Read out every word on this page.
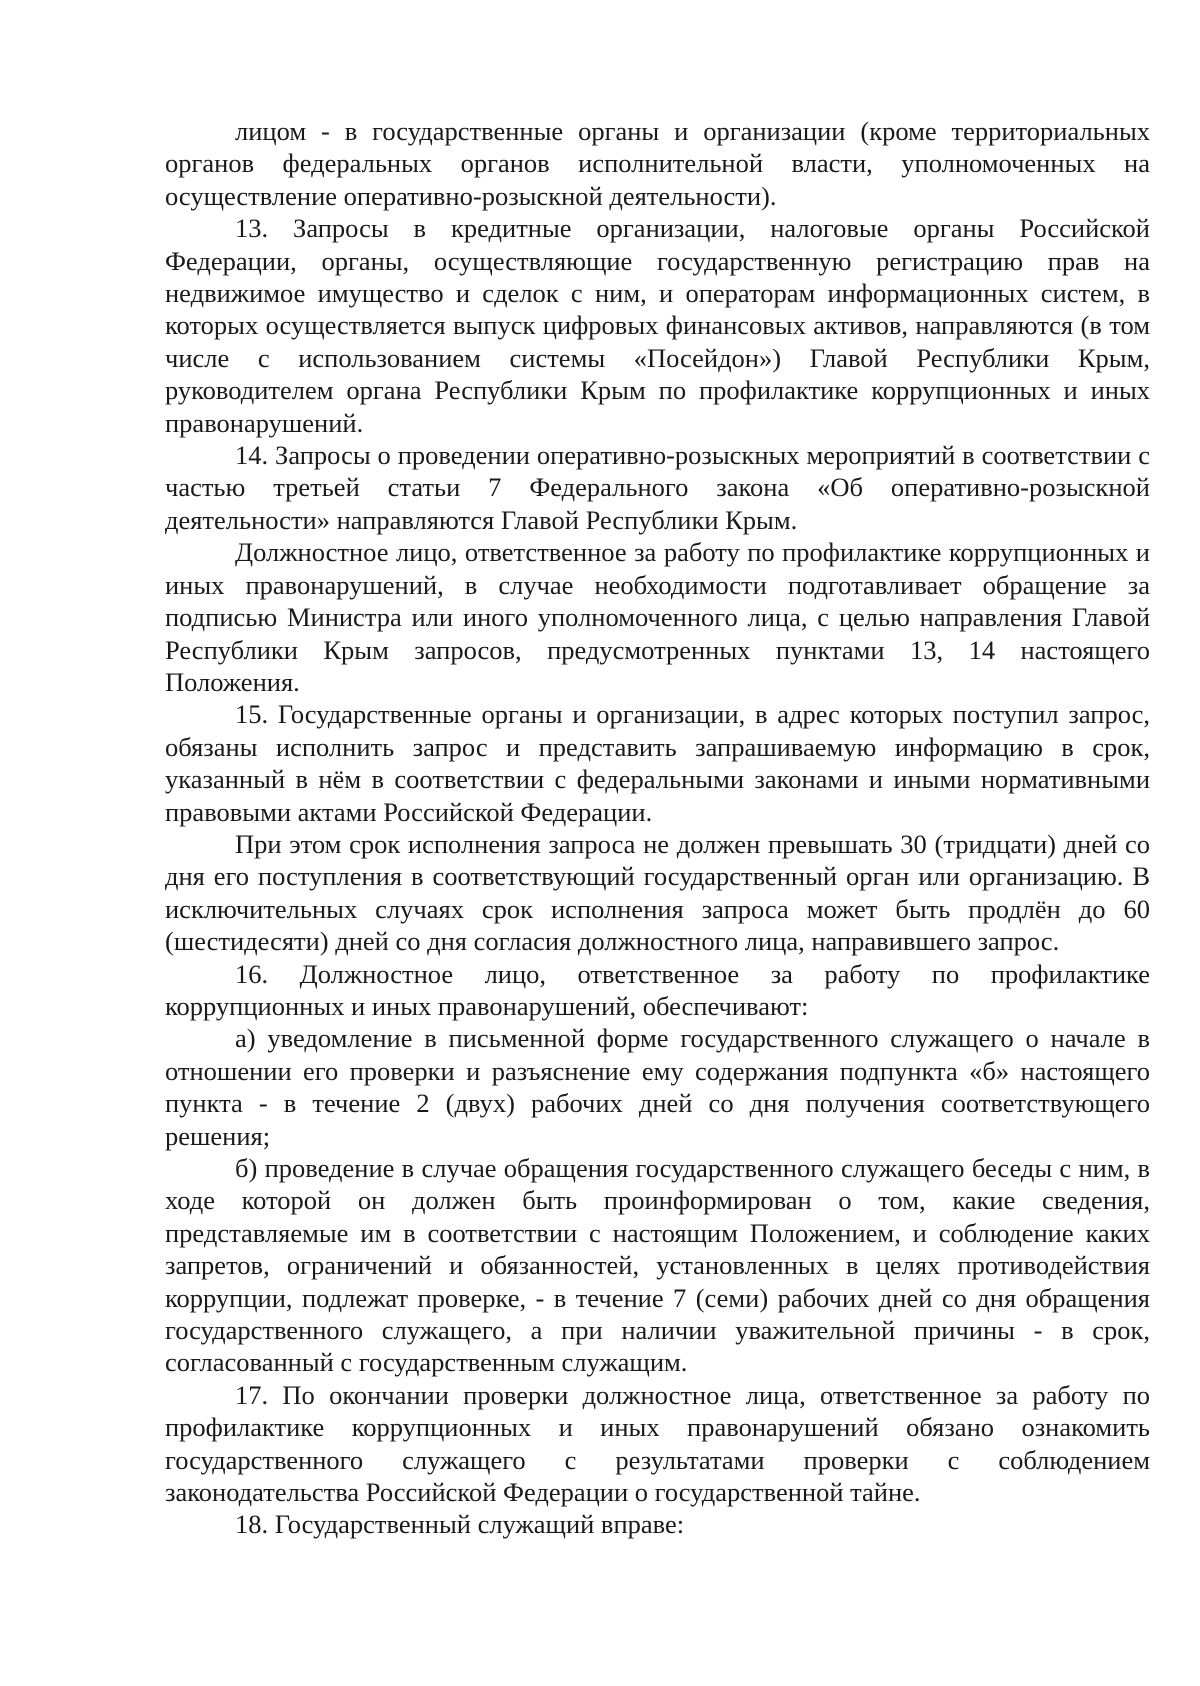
лицом - в государственные органы и организации (кроме территориальных органов федеральных органов исполнительной власти, уполномоченных на осуществление оперативно-розыскной деятельности).

13. Запросы в кредитные организации, налоговые органы Российской Федерации, органы, осуществляющие государственную регистрацию прав на недвижимое имущество и сделок с ним, и операторам информационных систем, в которых осуществляется выпуск цифровых финансовых активов, направляются (в том числе с использованием системы «Посейдон») Главой Республики Крым, руководителем органа Республики Крым по профилактике коррупционных и иных правонарушений.

14. Запросы о проведении оперативно-розыскных мероприятий в соответствии с частью третьей статьи 7 Федерального закона «Об оперативно-розыскной деятельности» направляются Главой Республики Крым.

Должностное лицо, ответственное за работу по профилактике коррупционных и иных правонарушений, в случае необходимости подготавливает обращение за подписью Министра или иного уполномоченного лица, с целью направления Главой Республики Крым запросов, предусмотренных пунктами 13, 14 настоящего Положения.

15. Государственные органы и организации, в адрес которых поступил запрос, обязаны исполнить запрос и представить запрашиваемую информацию в срок, указанный в нём в соответствии с федеральными законами и иными нормативными правовыми актами Российской Федерации.

При этом срок исполнения запроса не должен превышать 30 (тридцати) дней со дня его поступления в соответствующий государственный орган или организацию. В исключительных случаях срок исполнения запроса может быть продлён до 60 (шестидесяти) дней со дня согласия должностного лица, направившего запрос.

16. Должностное лицо, ответственное за работу по профилактике коррупционных и иных правонарушений, обеспечивают:

а) уведомление в письменной форме государственного служащего о начале в отношении его проверки и разъяснение ему содержания подпункта «б» настоящего пункта - в течение 2 (двух) рабочих дней со дня получения соответствующего решения;

б) проведение в случае обращения государственного служащего беседы с ним, в ходе которой он должен быть проинформирован о том, какие сведения, представляемые им в соответствии с настоящим Положением, и соблюдение каких запретов, ограничений и обязанностей, установленных в целях противодействия коррупции, подлежат проверке, - в течение 7 (семи) рабочих дней со дня обращения государственного служащего, а при наличии уважительной причины - в срок, согласованный с государственным служащим.

17. По окончании проверки должностное лица, ответственное за работу по профилактике коррупционных и иных правонарушений обязано ознакомить государственного служащего с результатами проверки с соблюдением законодательства Российской Федерации о государственной тайне.

18. Государственный служащий вправе:
